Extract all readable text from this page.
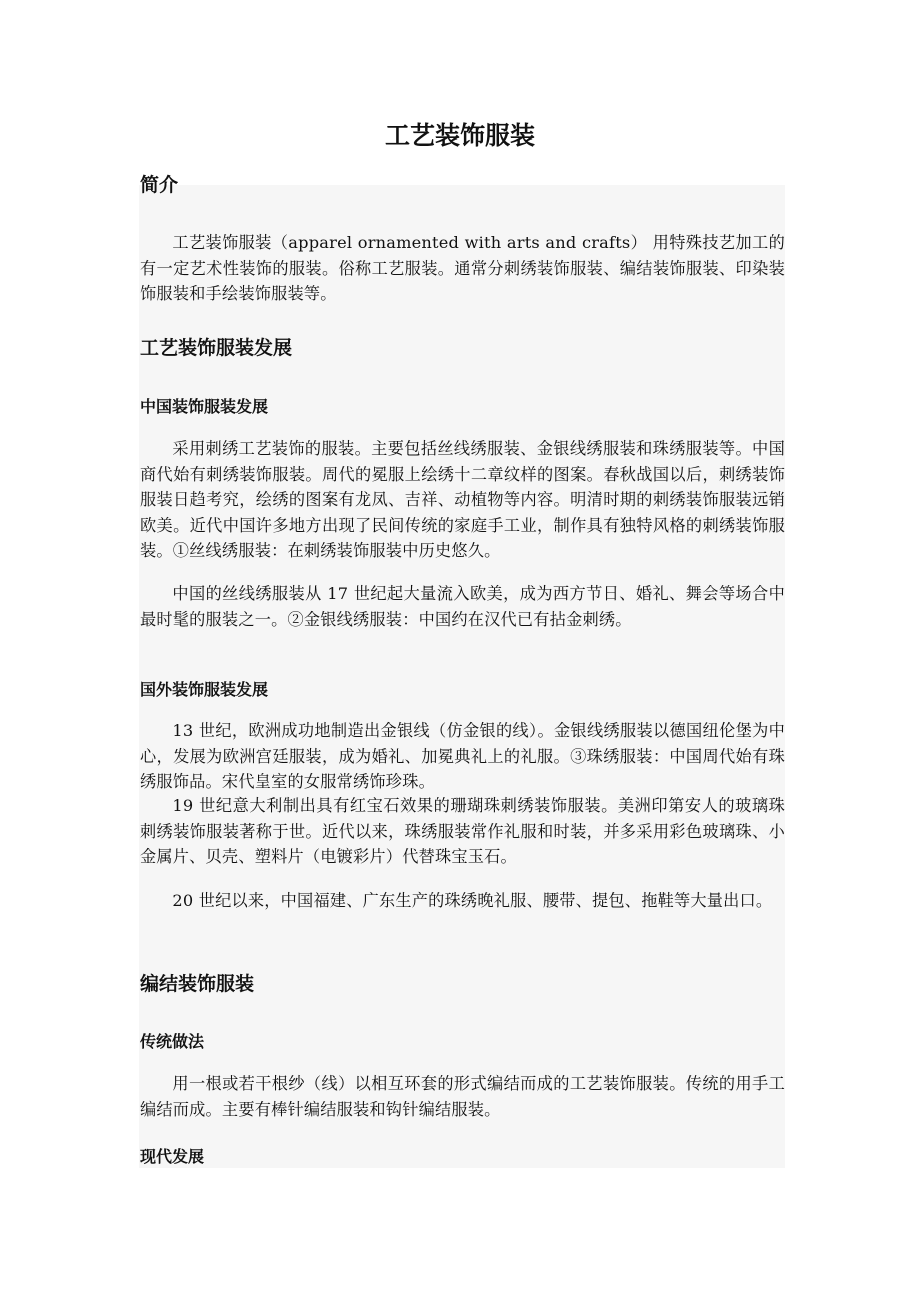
工艺装饰服装
简介

工艺装饰服装（apparel ornamented with arts and crafts） 用特殊技艺加工的有一定艺术性装饰的服装。俗称工艺服装。通常分刺绣装饰服装、编结装饰服装、印染装饰服装和手绘装饰服装等。

工艺装饰服装发展
中国装饰服装发展

采用刺绣工艺装饰的服装。主要包括丝线绣服装、金银线绣服装和珠绣服装等。中国商代始有刺绣装饰服装。周代的冕服上绘绣十二章纹样的图案。春秋战国以后，刺绣装饰服装日趋考究，绘绣的图案有龙凤、吉祥、动植物等内容。明清时期的刺绣装饰服装远销欧美。近代中国许多地方出现了民间传统的家庭手工业，制作具有独特风格的刺绣装饰服装。①丝线绣服装：在刺绣装饰服装中历史悠久。

中国的丝线绣服装从 17 世纪起大量流入欧美，成为西方节日、婚礼、舞会等场合中最时髦的服装之一。②金银线绣服装：中国约在汉代已有拈金刺绣。

国外装饰服装发展

13 世纪，欧洲成功地制造出金银线（仿金银的线）。金银线绣服装以德国纽伦堡为中心，发展为欧洲宫廷服装，成为婚礼、加冕典礼上的礼服。③珠绣服装：中国周代始有珠绣服饰品。宋代皇室的女服常绣饰珍珠。

19 世纪意大利制出具有红宝石效果的珊瑚珠刺绣装饰服装。美洲印第安人的玻璃珠刺绣装饰服装著称于世。近代以来，珠绣服装常作礼服和时装，并多采用彩色玻璃珠、小金属片、贝壳、塑料片（电镀彩片）代替珠宝玉石。

20 世纪以来，中国福建、广东生产的珠绣晚礼服、腰带、提包、拖鞋等大量出口。

编结装饰服装
传统做法

用一根或若干根纱（线）以相互环套的形式编结而成的工艺装饰服装。传统的用手工编结而成。主要有棒针编结服装和钩针编结服装。

现代发展
